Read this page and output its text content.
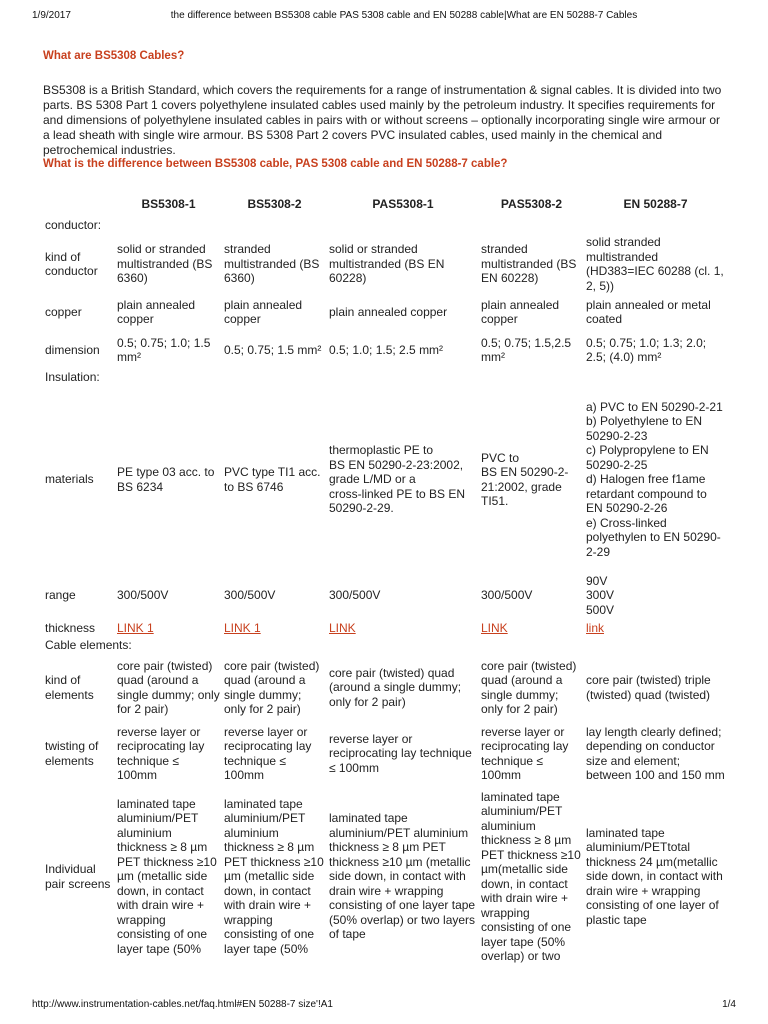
1/9/2017	the difference between BS5308 cable PAS 5308 cable and EN 50288 cable|What are EN 50288-7 Cables
What are BS5308 Cables?

BS5308 is a British Standard, which covers the requirements for a range of instrumentation & signal cables. It is divided into two parts. BS 5308 Part 1 covers polyethylene insulated cables used mainly by the petroleum industry. It specifies requirements for and dimensions of polyethylene insulated cables in pairs with or without screens – optionally incorporating single wire armour or a lead sheath with single wire armour. BS 5308 Part 2 covers PVC insulated cables, used mainly in the chemical and petrochemical industries.

What is the difference between BS5308 cable, PAS 5308 cable and EN 50288-7 cable?
	BS5308-1	BS5308-2	PAS5308-1	PAS5308-2	EN 50288-7
conductor:					
kind of conductor	solid or stranded multistranded (BS 6360)	stranded multistranded (BS 6360)	solid or stranded multistranded (BS EN 60228)	stranded multistranded (BS EN 60228)	solid stranded multistranded (HD383=IEC 60288 (cl. 1, 2, 5))
copper	plain annealed copper	plain annealed copper	plain annealed copper	plain annealed copper	plain annealed or metal coated
dimension	0.5; 0.75; 1.0; 1.5 mm²	0.5; 0.75; 1.5 mm²	0.5; 1.0; 1.5; 2.5 mm²	0.5; 0.75; 1.5,2.5 mm²	0.5; 0.75; 1.0; 1.3; 2.0; 2.5; (4.0) mm²
Insulation:					
materials	PE type 03 acc. to BS 6234	PVC type TI1 acc. to BS 6746	thermoplastic PE to
BS EN 50290-2-23:2002, grade L/MD or a
cross-linked PE to BS EN 50290-2-29.	PVC to
BS EN 50290-2-21:2002, grade TI51.	a) PVC to EN 50290-2-21
b) Polyethylene to EN 50290-2-23
c) Polypropylene to EN 50290-2-25
d) Halogen free f1ame retardant compound to EN 50290-2-26
e) Cross-linked polyethylen to EN 50290-2-29
range	300/500V	300/500V	300/500V	300/500V	90V
300V
500V
thickness	LINK 1	LINK 1	LINK	LINK	link
Cable elements:					
kind of elements	core pair (twisted) quad (around a single dummy; only for 2 pair)	core pair (twisted) quad (around a single dummy; only for 2 pair)	core pair (twisted) quad (around a single dummy; only for 2 pair)	core pair (twisted) quad (around a single dummy; only for 2 pair)	core pair (twisted) triple (twisted) quad (twisted)
twisting of elements	reverse layer or reciprocating lay technique ≤ 100mm	reverse layer or reciprocating lay technique ≤ 100mm	reverse layer or reciprocating lay technique ≤ 100mm	reverse layer or reciprocating lay technique ≤ 100mm	lay length clearly defined; depending on conductor size and element; between 100 and 150 mm
Individual pair screens	laminated tape aluminium/PET aluminium thickness ≥ 8 µm PET thickness ≥10 µm (metallic side down, in contact with drain wire + wrapping consisting of one layer tape (50%	laminated tape aluminium/PET aluminium thickness ≥ 8 µm PET thickness ≥10 µm (metallic side down, in contact with drain wire + wrapping consisting of one layer tape (50%	laminated tape aluminium/PET aluminium thickness ≥ 8 µm PET thickness ≥10 µm (metallic side down, in contact with drain wire + wrapping consisting of one layer tape (50% overlap) or two layers of tape	laminated tape aluminium/PET aluminium thickness ≥ 8 µm PET thickness ≥10 µm(metallic side down, in contact with drain wire + wrapping consisting of one layer tape (50% overlap) or two	laminated tape aluminium/PETtotal thickness 24 µm(metallic side down, in contact with drain wire + wrapping consisting of one layer of plastic tape
http://www.instrumentation-cables.net/faq.html#EN 50288-7 size'!A1	1/4
